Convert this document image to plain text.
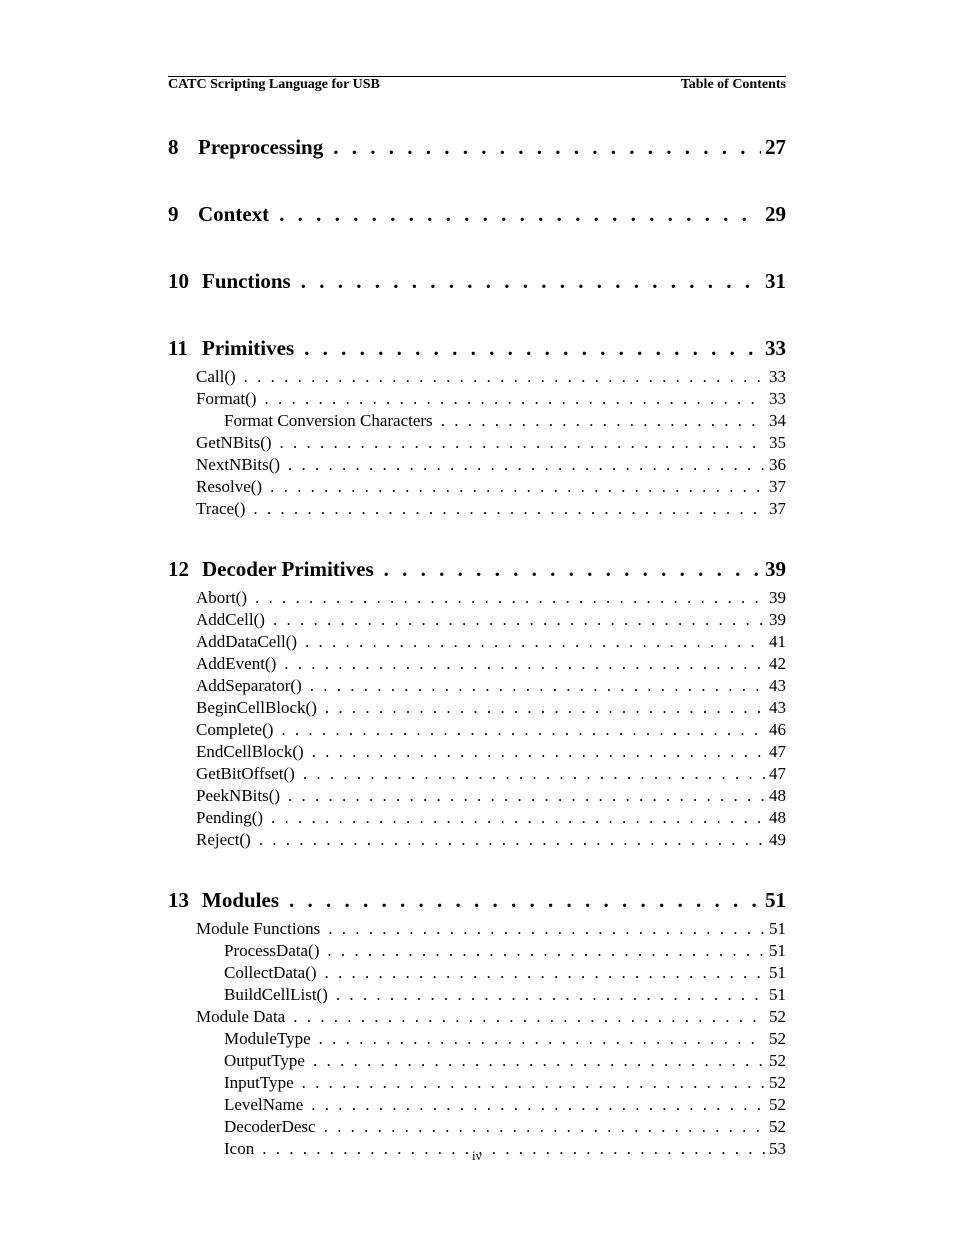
CATC Scripting Language for USB	Table of Contents
8 Preprocessing . . .	27
9 Context . . .	29
10 Functions . . .	31
11 Primitives . . .	33
Call() . . .	33
Format() . . .	33
Format Conversion Characters . . .	34
GetNBits() . . .	35
NextNBits() . . .	36
Resolve() . . .	37
Trace() . . .	37
12 Decoder Primitives . . .	39
Abort() . . .	39
AddCell() . . .	39
AddDataCell() . . .	41
AddEvent() . . .	42
AddSeparator() . . .	43
BeginCellBlock() . . .	43
Complete() . . .	46
EndCellBlock() . . .	47
GetBitOffset() . . .	47
PeekNBits() . . .	48
Pending() . . .	48
Reject() . . .	49
13 Modules . . .	51
Module Functions . . .	51
ProcessData() . . .	51
CollectData() . . .	51
BuildCellList() . . .	51
Module Data . . .	52
ModuleType . . .	52
OutputType . . .	52
InputType . . .	52
LevelName . . .	52
DecoderDesc . . .	52
Icon . . .	53
iv
